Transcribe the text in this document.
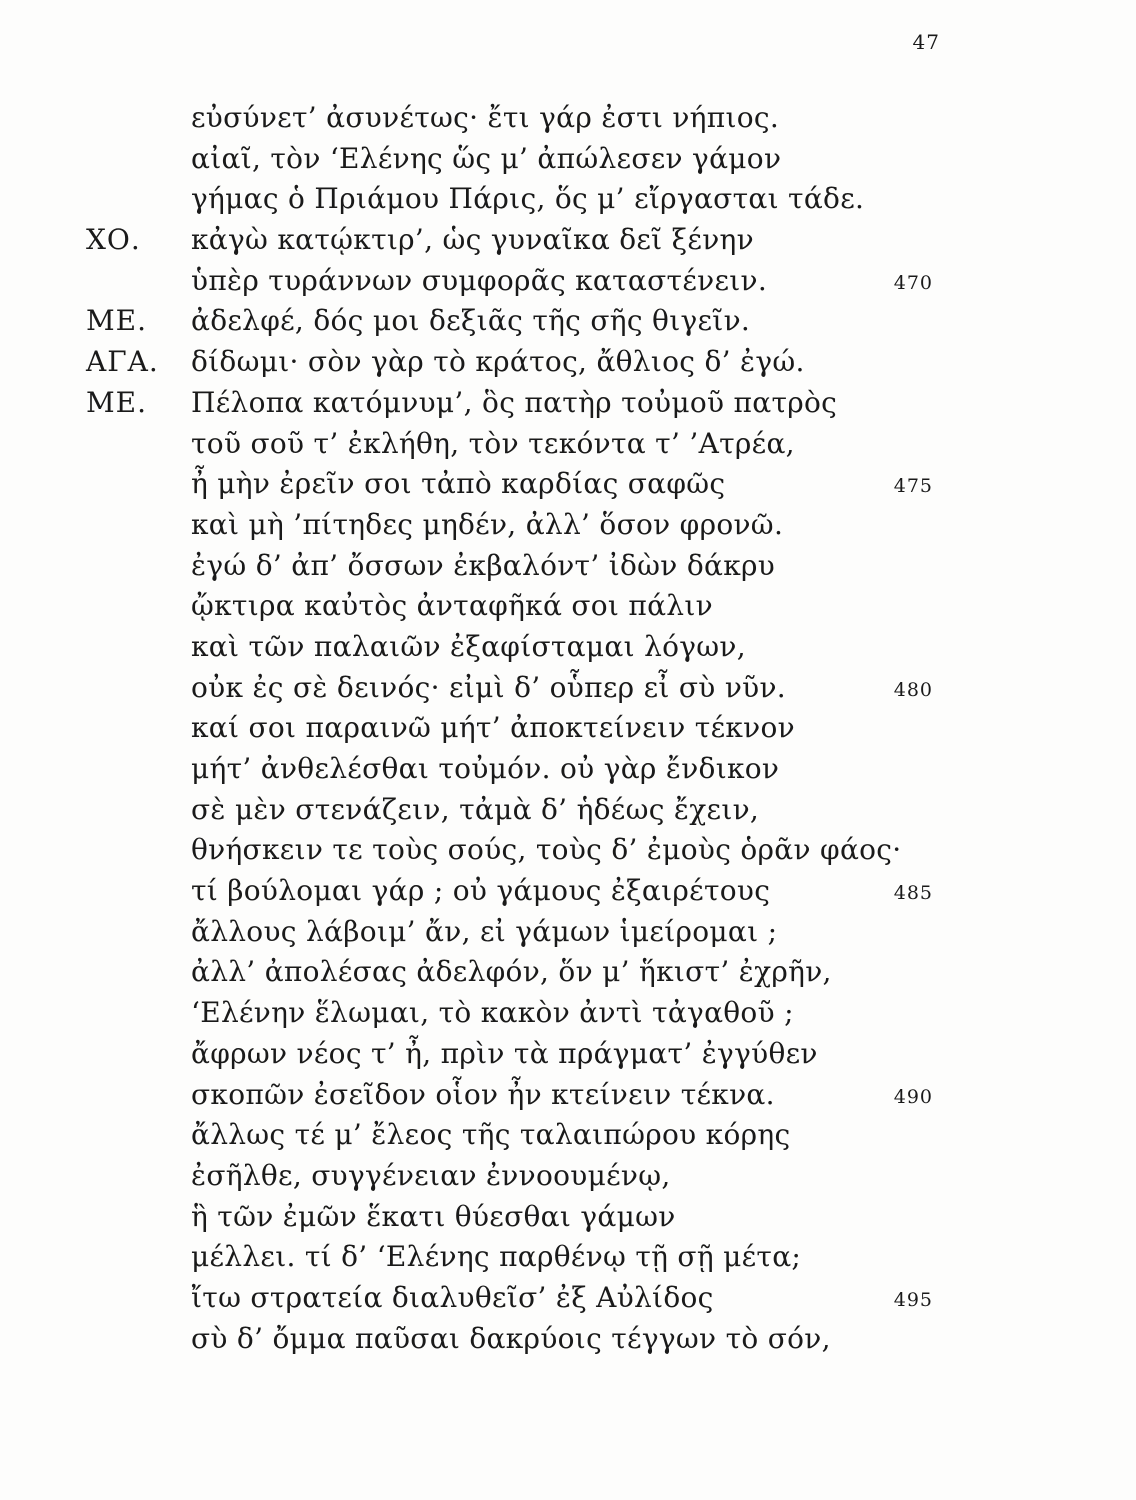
47
εὐσύνετ’ ἀσυνέτως· ἔτι γάρ ἐστι νήπιος.
αἰαῖ, τὸν ‘Ελένης ὥς μ’ ἀπώλεσεν γάμον
γήμας ὁ Πριάμου Πάρις, ὅς μ’ εἴργασται τάδε.
ΧΟ. κἀγὼ κατῴκτιρ’, ὡς γυναῖκα δεῖ ξένην
ὑπὲρ τυράννων συμφορᾶς καταστένειν.	470
ΜΕ. ἀδελφέ, δός μοι δεξιᾶς τῆς σῆς θιγεῖν.
ΑΓΑ. δίδωμι· σὸν γὰρ τὸ κράτος, ἄθλιος δ’ ἐγώ.
ΜΕ. Πέλοπα κατόμνυμ’, ὃς πατὴρ τοὐμοῦ πατρὸς
τοῦ σοῦ τ’ ἐκλήθη, τὸν τεκόντα τ’ ’Ατρέα,
ἦ μὴν ἐρεῖν σοι τἀπὸ καρδίας σαφῶς	475
καὶ μὴ ’πίτηδες μηδέν, ἀλλ’ ὅσον φρονῶ.
ἐγώ δ’ ἀπ’ ὄσσων ἐκβαλόντ’ ἰδὼν δάκρυ
ᾤκτιρα καὐτὸς ἀνταφῆκά σοι πάλιν
καὶ τῶν παλαιῶν ἐξαφίσταμαι λόγων,
οὐκ ἐς σὲ δεινός· εἰμὶ δ’ οὗπερ εἶ σὺ νῦν.	480
καί σοι παραινῶ μήτ’ ἀποκτείνειν τέκνον
μήτ’ ἀνθελέσθαι τοὐμόν. οὐ γὰρ ἔνδικον
σὲ μὲν στενάζειν, τἀμὰ δ’ ἡδέως ἔχειν,
θνήσκειν τε τοὺς σούς, τοὺς δ’ ἐμοὺς ὁρᾶν φάος·
τί βούλομαι γάρ ; οὐ γάμους ἐξαιρέτους	485
ἄλλους λάβοιμ’ ἄν, εἰ γάμων ἱμείρομαι ;
ἀλλ’ ἀπολέσας ἀδελφόν, ὅν μ’ ἥκιστ’ ἐχρῆν,
‘Ελένην ἕλωμαι, τὸ κακὸν ἀντὶ τἀγαθοῦ ;
ἄφρων νέος τ’ ἦ, πρὶν τὰ πράγματ’ ἐγγύθεν
σκοπῶν ἐσεῖδον οἷον ἦν κτείνειν τέκνα.	490
ἄλλως τέ μ’ ἔλεος τῆς ταλαιπώρου κόρης
ἐσῆλθε, συγγένειαν ἐννοουμένῳ,
ἣ τῶν ἐμῶν ἕκατι θύεσθαι γάμων
μέλλει. τί δ’ ‘Ελένης παρθένῳ τῇ σῇ μέτα;
ἴτω στρατεία διαλυθεῖσ’ ἐξ Αὐλίδος	495
σὺ δ’ ὄμμα παῦσαι δακρύοις τέγγων τὸ σόν,
